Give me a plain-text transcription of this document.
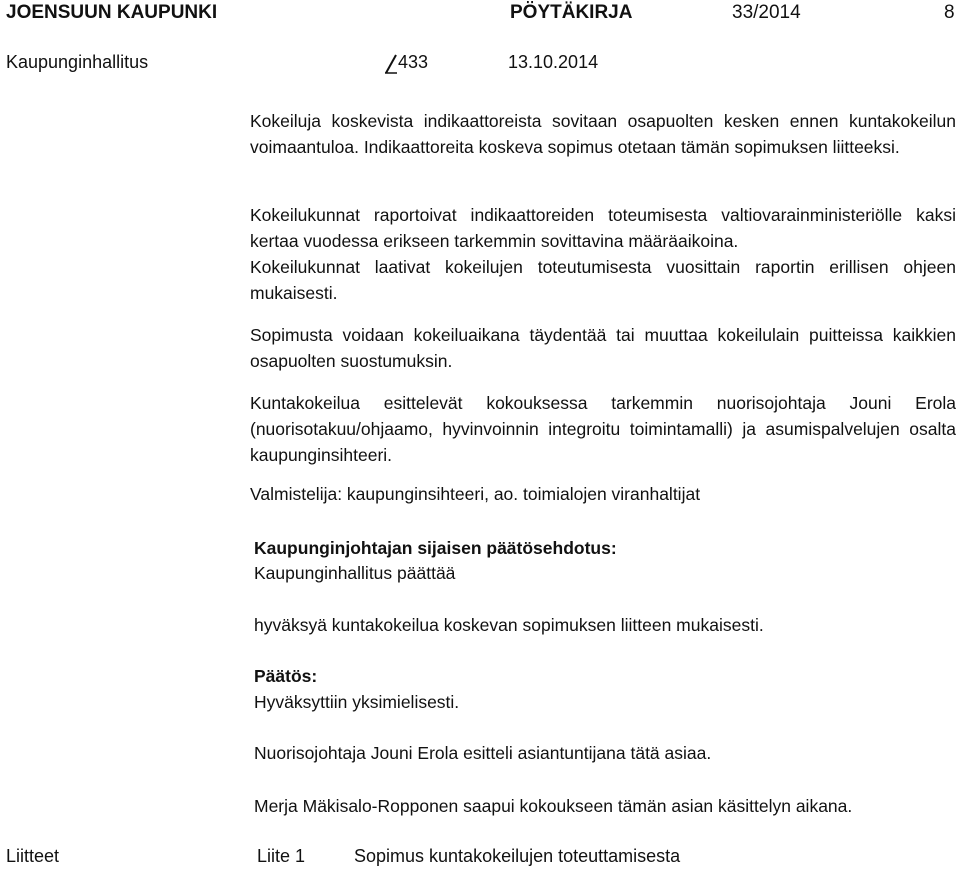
JOENSUUN KAUPUNKI	PÖYTÄKIRJA	33/2014	8
Kaupunginhallitus	433	13.10.2014

Kokeiluja koskevista indikaattoreista sovitaan osapuolten kesken ennen kuntakokeilun voimaantuloa. Indikaattoreita koskeva sopimus otetaan tämän sopimuksen liitteeksi.

Kokeilukunnat raportoivat indikaattoreiden toteumisesta valtiovarainministeriölle kaksi kertaa vuodessa erikseen tarkemmin sovittavina määräaikoina.

Kokeilukunnat laativat kokeilujen toteutumisesta vuosittain raportin erillisen ohjeen mukaisesti.

Sopimusta voidaan kokeiluaikana täydentää tai muuttaa kokeilulain puitteissa kaikkien osapuolten suostumuksin.

Kuntakokeilua esittelevät kokouksessa tarkemmin nuorisojohtaja Jouni Erola (nuorisotakuu/ohjaamo, hyvinvoinnin integroitu toimintamalli) ja asumispalvelujen osalta kaupunginsihteeri.

Valmistelija: kaupunginsihteeri, ao. toimialojen viranhaltijat
Kaupunginjohtajan sijaisen päätösehdotus:
Kaupunginhallitus päättää
hyväksyä kuntakokeilua koskevan sopimuksen liitteen mukaisesti.
Päätös:
Hyväksyttiin yksimielisesti.
Nuorisojohtaja Jouni Erola esitteli asiantuntijana tätä asiaa.
Merja Mäkisalo-Ropponen saapui kokoukseen tämän asian käsittelyn aikana.
Liitteet	Liite 1	Sopimus kuntakokeilujen toteuttamisesta
